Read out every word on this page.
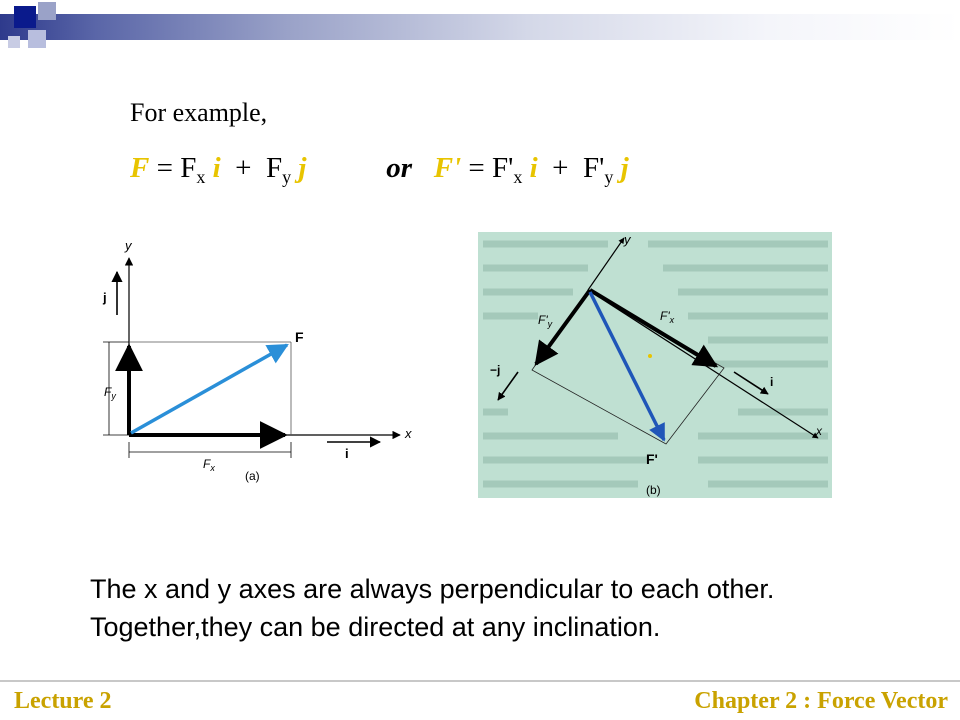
For example,
$F = F_x$ $i + F_y$ j	or $F' = F'_x$ $i + F'_y$ j
y
x
j
i
$F_y$
$F_x$
F
(a)
y
x
F'
$F'_y$
$F'_x$
−j
i
(b)
The x and y axes are always perpendicular to each other. Together,they can be directed at any inclination.
Lecture 2	Chapter 2 : Force Vector
